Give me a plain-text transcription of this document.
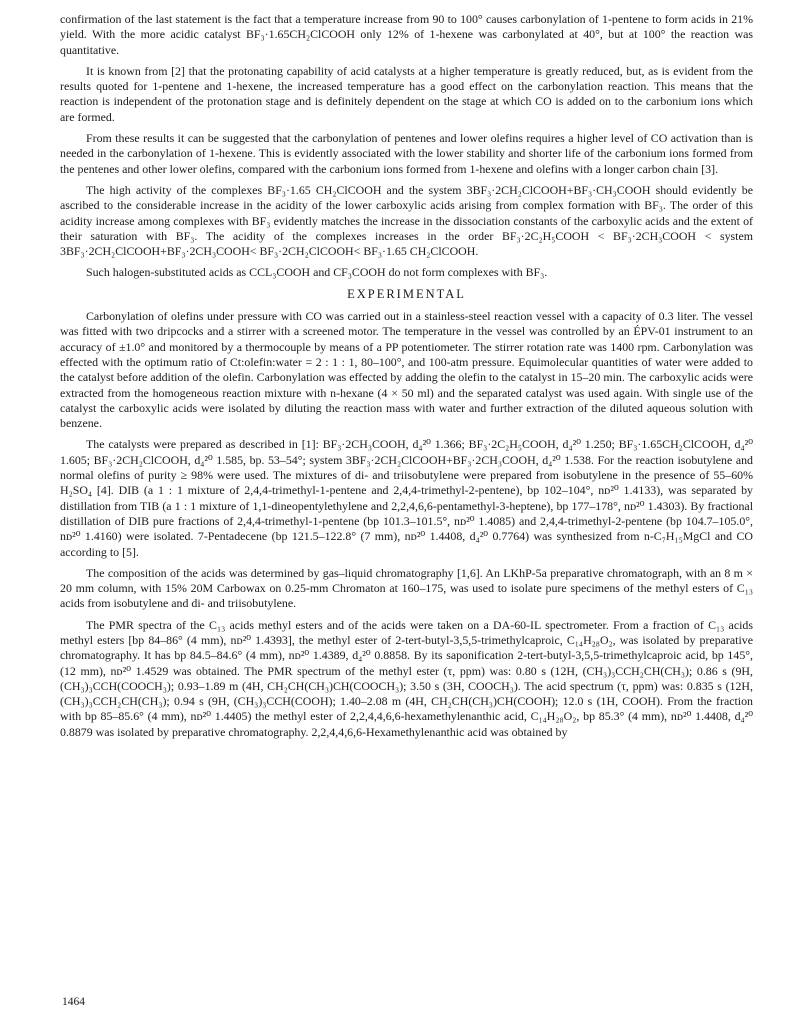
confirmation of the last statement is the fact that a temperature increase from 90 to 100° causes carbonylation of 1-pentene to form acids in 21% yield. With the more acidic catalyst BF₃·1.65CH₂ClCOOH only 12% of 1-hexene was carbonylated at 40°, but at 100° the reaction was quantitative.

It is known from [2] that the protonating capability of acid catalysts at a higher temperature is greatly reduced, but, as is evident from the results quoted for 1-pentene and 1-hexene, the increased temperature has a good effect on the carbonylation reaction. This means that the reaction is independent of the protonation stage and is definitely dependent on the stage at which CO is added on to the carbonium ions which are formed.

From these results it can be suggested that the carbonylation of pentenes and lower olefins requires a higher level of CO activation than is needed in the carbonylation of 1-hexene. This is evidently associated with the lower stability and shorter life of the carbonium ions formed from the pentenes and other lower olefins, compared with the carbonium ions formed from 1-hexene and olefins with a longer carbon chain [3].

The high activity of the complexes BF₃·1.65 CH₂ClCOOH and the system 3BF₃·2CH₂ClCOOH+BF₃·CH₃COOH should evidently be ascribed to the considerable increase in the acidity of the lower carboxylic acids arising from complex formation with BF₃. The order of this acidity increase among complexes with BF₃ evidently matches the increase in the dissociation constants of the carboxylic acids and the extent of their saturation with BF₃. The acidity of the complexes increases in the order BF₃·2C₂H₅COOH < BF₃·2CH₃COOH < system 3BF₃·2CH₂ClCOOH+BF₃·2CH₃COOH< BF₃·2CH₂ClCOOH< BF₃·1.65 CH₂ClCOOH.

Such halogen-substituted acids as CCL₃COOH and CF₃COOH do not form complexes with BF₃.

EXPERIMENTAL

Carbonylation of olefins under pressure with CO was carried out in a stainless-steel reaction vessel with a capacity of 0.3 liter. The vessel was fitted with two dripcocks and a stirrer with a screened motor. The temperature in the vessel was controlled by an ÉPV-01 instrument to an accuracy of ±1.0° and monitored by a thermocouple by means of a PP potentiometer. The stirrer rotation rate was 1400 rpm. Carbonylation was effected with the optimum ratio of Ct:olefin:water = 2 : 1 : 1, 80–100°, and 100-atm pressure. Equimolecular quantities of water were added to the catalyst before addition of the olefin. Carbonylation was effected by adding the olefin to the catalyst in 15–20 min. The carboxylic acids were extracted from the homogeneous reaction mixture with n-hexane (4 × 50 ml) and the separated catalyst was used again. With single use of the catalyst the carboxylic acids were isolated by diluting the reaction mass with water and further extraction of the diluted aqueous solution with benzene.

The catalysts were prepared as described in [1]: BF₃·2CH₃COOH, d₄²⁰ 1.366; BF₃·2C₂H₅COOH, d₄²⁰ 1.250; BF₃·1.65CH₂ClCOOH, d₄²⁰ 1.605; BF₃·2CH₂ClCOOH, d₄²⁰ 1.585, bp. 53–54°; system 3BF₃·2CH₂ClCOOH+BF₃·2CH₃COOH, d₄²⁰ 1.538. For the reaction isobutylene and normal olefins of purity ≥ 98% were used. The mixtures of di- and triisobutylene were prepared from isobutylene in the presence of 55–60% H₂SO₄ [4]. DIB (a 1 : 1 mixture of 2,4,4-trimethyl-1-pentene and 2,4,4-trimethyl-2-pentene), bp 102–104°, nᴅ²⁰ 1.4133), was separated by distillation from TIB (a 1 : 1 mixture of 1,1-dineopentylethylene and 2,2,4,6,6-pentamethyl-3-heptene), bp 177–178°, nᴅ²⁰ 1.4303). By fractional distillation of DIB pure fractions of 2,4,4-trimethyl-1-pentene (bp 101.3–101.5°, nᴅ²⁰ 1.4085) and 2,4,4-trimethyl-2-pentene (bp 104.7–105.0°, nᴅ²⁰ 1.4160) were isolated. 7-Pentadecene (bp 121.5–122.8° (7 mm), nᴅ²⁰ 1.4408, d₄²⁰ 0.7764) was synthesized from n-C₇H₁₅MgCl and CO according to [5].

The composition of the acids was determined by gas–liquid chromatography [1,6]. An LKhP-5a preparative chromatograph, with an 8 m × 20 mm column, with 15% 20M Carbowax on 0.25-mm Chromaton at 160–175, was used to isolate pure specimens of the methyl esters of C₁₃ acids from isobutylene and di- and triisobutylene.

The PMR spectra of the C₁₃ acids methyl esters and of the acids were taken on a DA-60-IL spectrometer. From a fraction of C₁₃ acids methyl esters [bp 84–86° (4 mm), nᴅ²⁰ 1.4393], the methyl ester of 2-tert-butyl-3,5,5-trimethylcaproic, C₁₄H₂₈O₂, was isolated by preparative chromatography. It has bp 84.5–84.6° (4 mm), nᴅ²⁰ 1.4389, d₄²⁰ 0.8858. By its saponification 2-tert-butyl-3,5,5-trimethylcaproic acid, bp 145°, (12 mm), nᴅ²⁰ 1.4529 was obtained. The PMR spectrum of the methyl ester (τ, ppm) was: 0.80 s (12H, (CH₃)₃CCH₂CH(CH₃); 0.86 s (9H, (CH₃)₃CCH(COOCH₃); 0.93–1.89 m (4H, CH₂CH(CH₃)CH(COOCH₃); 3.50 s (3H, COOCH₃). The acid spectrum (τ, ppm) was: 0.835 s (12H, (CH₃)₃CCH₂CH(CH₃); 0.94 s (9H, (CH₃)₃CCH(COOH); 1.40–2.08 m (4H, CH₂CH(CH₃)CH(COOH); 12.0 s (1H, COOH). From the fraction with bp 85–85.6° (4 mm), nᴅ²⁰ 1.4405) the methyl ester of 2,2,4,4,6,6-hexamethylenanthic acid, C₁₄H₂₈O₂, bp 85.3° (4 mm), nᴅ²⁰ 1.4408, d₄²⁰ 0.8879 was isolated by preparative chromatography. 2,2,4,4,6,6-Hexamethylenanthic acid was obtained by

1464
